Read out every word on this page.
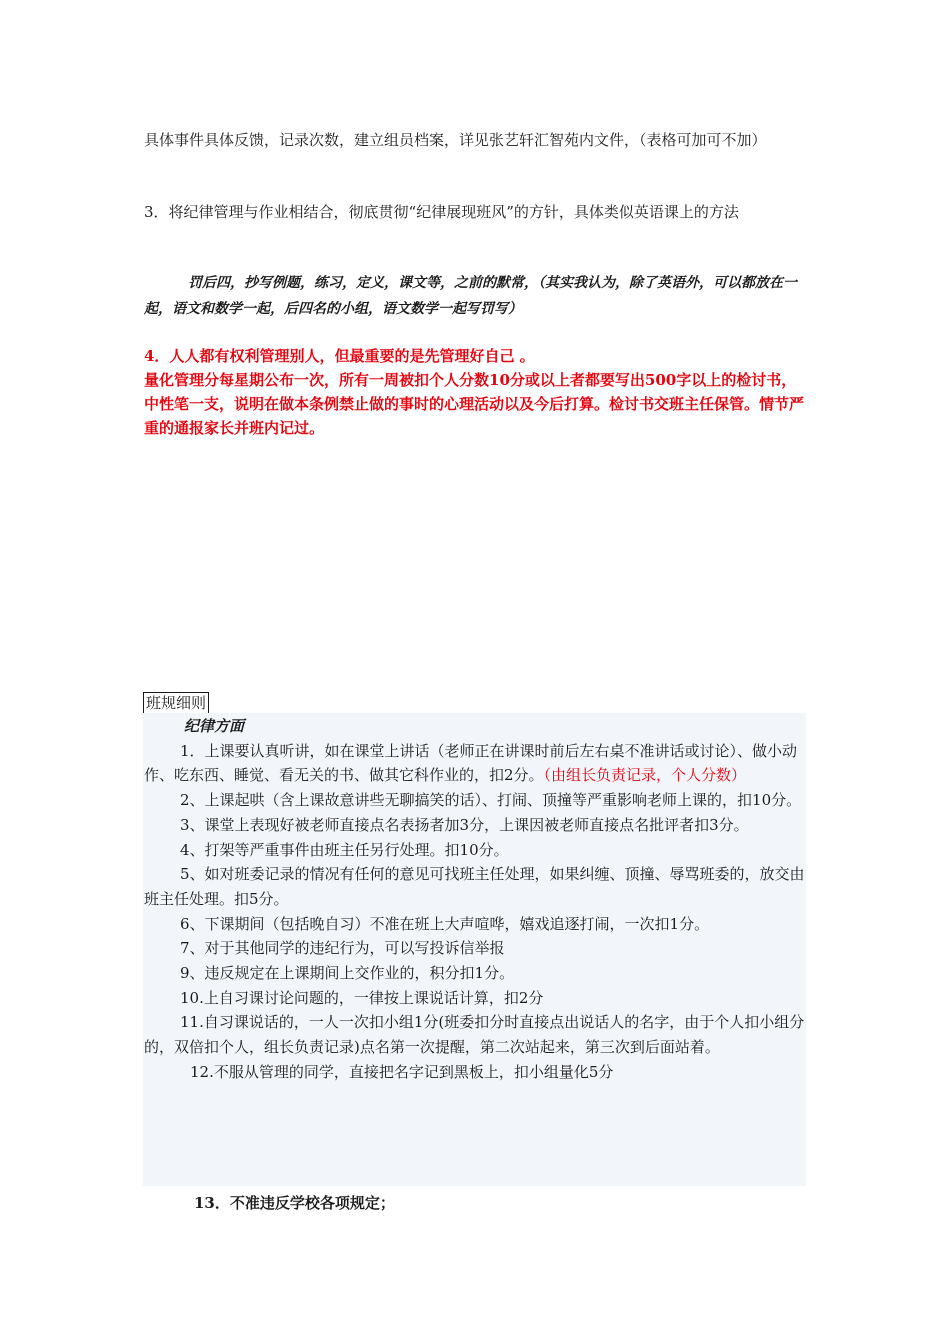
具体事件具体反馈，记录次数，建立组员档案，详见张艺轩汇智苑内文件，（表格可加可不加）

3．将纪律管理与作业相结合，彻底贯彻“纪律展现班风”的方针，具体类似英语课上的方法

罚后四，抄写例题，练习，定义，课文等，之前的默常，（其实我认为，除了英语外，可以都放在一起，语文和数学一起，后四名的小组，语文数学一起写罚写）

4．人人都有权利管理别人，但最重要的是先管理好自己 。
量化管理分每星期公布一次，所有一周被扣个人分数10分或以上者都要写出500字以上的检讨书，中性笔一支，说明在做本条例禁止做的事时的心理活动以及今后打算。检讨书交班主任保管。情节严重的通报家长并班内记过。

班规细则
纪律方面
1．上课要认真听讲，如在课堂上讲话（老师正在讲课时前后左右桌不准讲话或讨论）、做小动作、吃东西、睡觉、看无关的书、做其它科作业的，扣2分。（由组长负责记录，个人分数）
2、上课起哄（含上课故意讲些无聊搞笑的话）、打闹、顶撞等严重影响老师上课的，扣10分。
3、课堂上表现好被老师直接点名表扬者加3分，上课因被老师直接点名批评者扣3分。
4、打架等严重事件由班主任另行处理。扣10分。
5、如对班委记录的情况有任何的意见可找班主任处理，如果纠缠、顶撞、辱骂班委的，放交由班主任处理。扣5分。
6、下课期间（包括晚自习）不准在班上大声喧哗，嬉戏追逐打闹，一次扣1分。
7、对于其他同学的违纪行为，可以写投诉信举报
9、违反规定在上课期间上交作业的，积分扣1分。
10.上自习课讨论问题的，一律按上课说话计算，扣2分
11.自习课说话的，一人一次扣小组1分(班委扣分时直接点出说话人的名字，由于个人扣小组分的，双倍扣个人，组长负责记录)点名第一次提醒，第二次站起来，第三次到后面站着。
12.不服从管理的同学，直接把名字记到黑板上，扣小组量化5分
13．不准违反学校各项规定；
